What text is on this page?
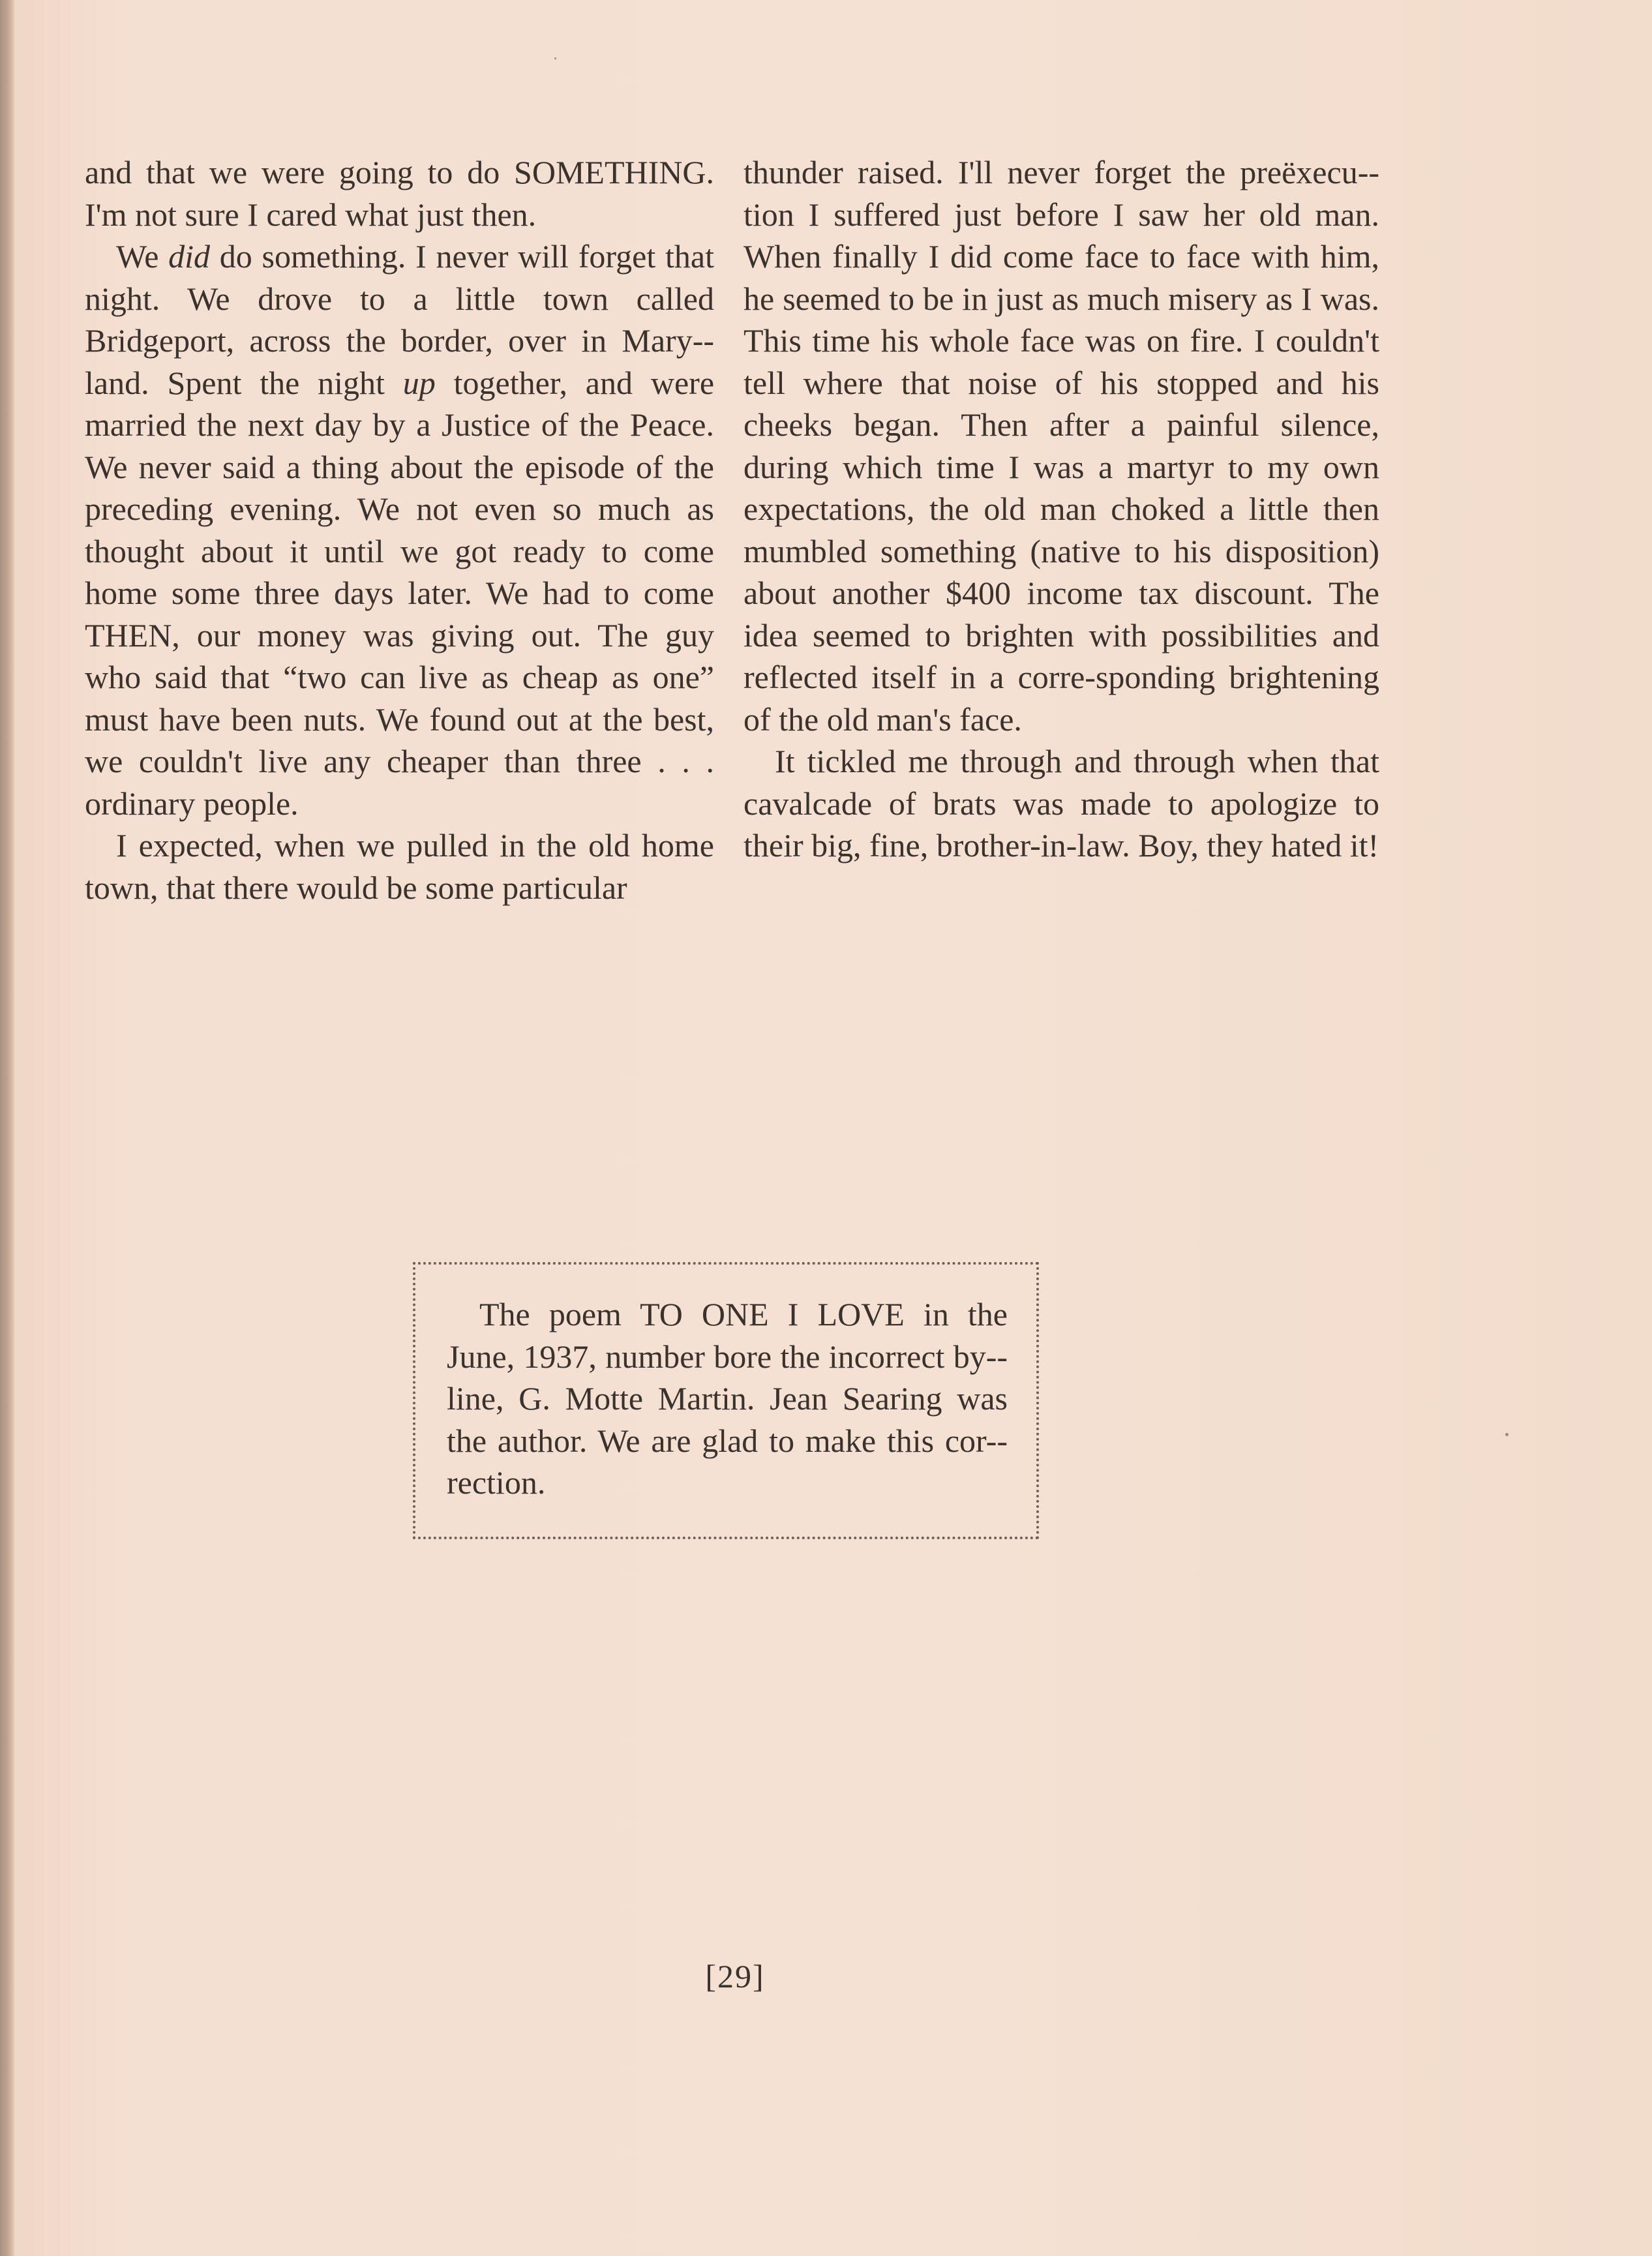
and that we were going to do SOMETHING. I'm not sure I cared what just then.

We did do something. I never will forget that night. We drove to a little town called Bridgeport, across the border, over in Mary-land. Spent the night up together, and were married the next day by a Justice of the Peace. We never said a thing about the episode of the preceding evening. We not even so much as thought about it until we got ready to come home some three days later. We had to come THEN, our money was giving out. The guy who said that “two can live as cheap as one” must have been nuts. We found out at the best, we couldn't live any cheaper than three . . . ordinary people.

I expected, when we pulled in the old home town, that there would be some particular

thunder raised. I'll never forget the preëxecu-tion I suffered just before I saw her old man. When finally I did come face to face with him, he seemed to be in just as much misery as I was. This time his whole face was on fire. I couldn't tell where that noise of his stopped and his cheeks began. Then after a painful silence, during which time I was a martyr to my own expectations, the old man choked a little then mumbled something (native to his disposition) about another $400 income tax discount. The idea seemed to brighten with possibilities and reflected itself in a corre-sponding brightening of the old man's face.

It tickled me through and through when that cavalcade of brats was made to apologize to their big, fine, brother-in-law. Boy, they hated it!

The poem TO ONE I LOVE in the June, 1937, number bore the incorrect by-line, G. Motte Martin. Jean Searing was the author. We are glad to make this cor-rection.

[29]
